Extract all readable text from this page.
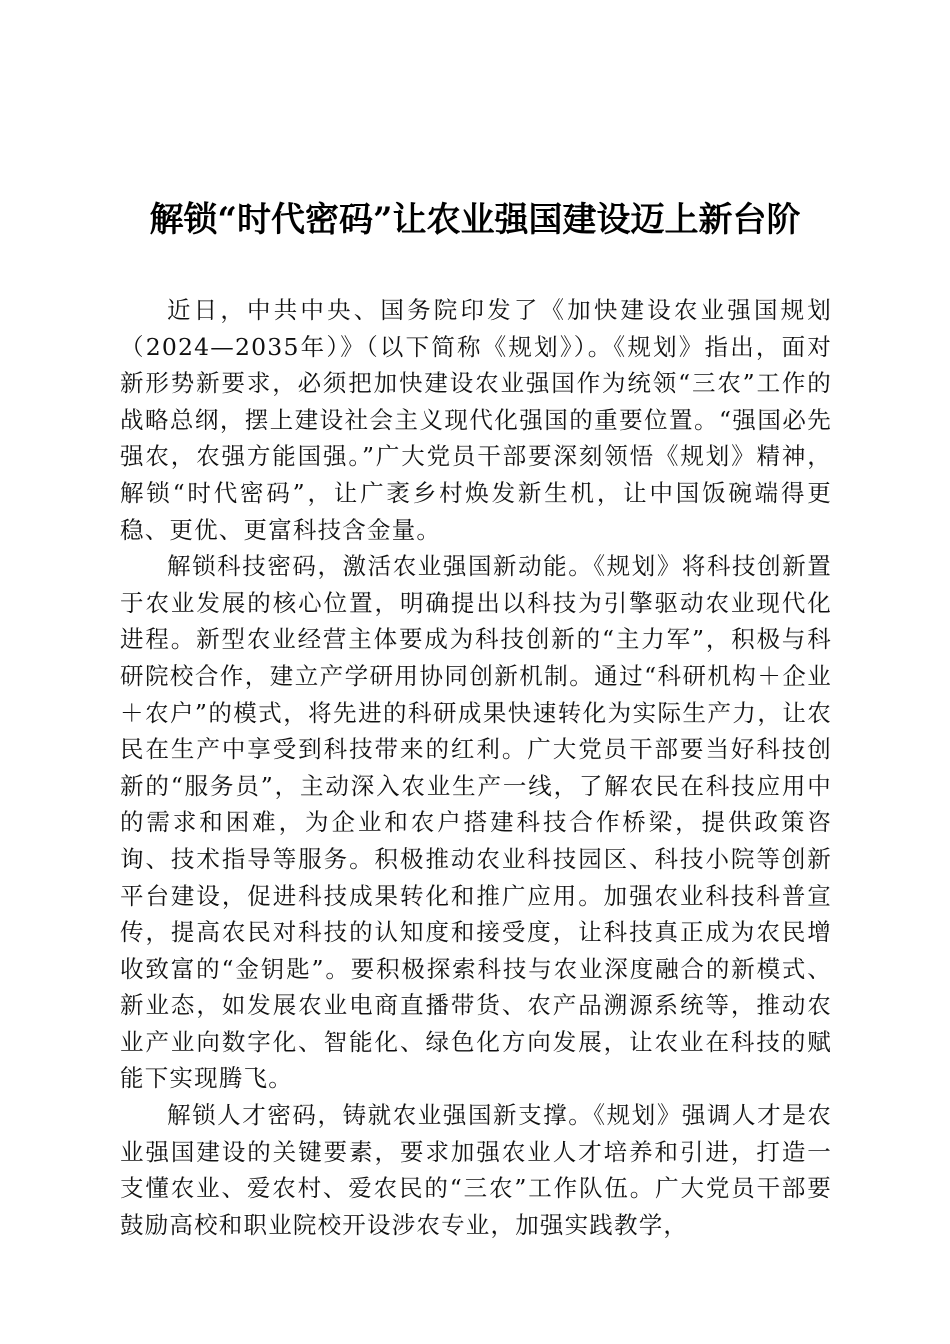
解锁“时代密码”让农业强国建设迈上新台阶

近日，中共中央、国务院印发了《加快建设农业强国规划（2024—2035年）》（以下简称《规划》）。《规划》指出，面对新形势新要求，必须把加快建设农业强国作为统领“三农”工作的战略总纲，摆上建设社会主义现代化强国的重要位置。“强国必先强农，农强方能国强。”广大党员干部要深刻领悟《规划》精神，解锁“时代密码”，让广袤乡村焕发新生机，让中国饭碗端得更稳、更优、更富科技含金量。

解锁科技密码，激活农业强国新动能。《规划》将科技创新置于农业发展的核心位置，明确提出以科技为引擎驱动农业现代化进程。新型农业经营主体要成为科技创新的“主力军”，积极与科研院校合作，建立产学研用协同创新机制。通过“科研机构＋企业＋农户”的模式，将先进的科研成果快速转化为实际生产力，让农民在生产中享受到科技带来的红利。广大党员干部要当好科技创新的“服务员”，主动深入农业生产一线，了解农民在科技应用中的需求和困难，为企业和农户搭建科技合作桥梁，提供政策咨询、技术指导等服务。积极推动农业科技园区、科技小院等创新平台建设，促进科技成果转化和推广应用。加强农业科技科普宣传，提高农民对科技的认知度和接受度，让科技真正成为农民增收致富的“金钥匙”。要积极探索科技与农业深度融合的新模式、新业态，如发展农业电商直播带货、农产品溯源系统等，推动农业产业向数字化、智能化、绿色化方向发展，让农业在科技的赋能下实现腾飞。

解锁人才密码，铸就农业强国新支撑。《规划》强调人才是农业强国建设的关键要素，要求加强农业人才培养和引进，打造一支懂农业、爱农村、爱农民的“三农”工作队伍。广大党员干部要鼓励高校和职业院校开设涉农专业，加强实践教学，
